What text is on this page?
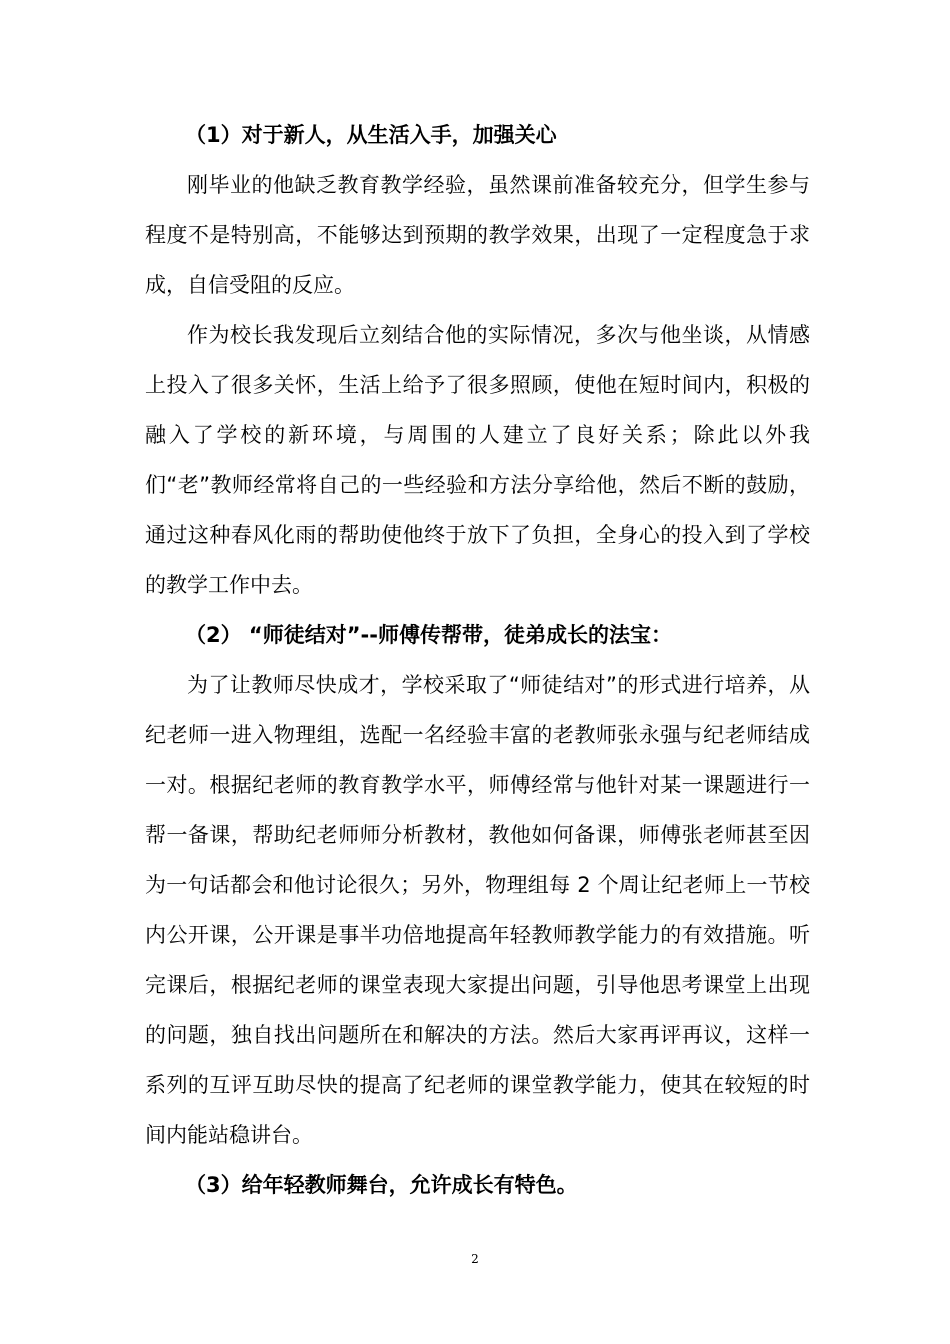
（1）对于新人，从生活入手，加强关心

刚毕业的他缺乏教育教学经验，虽然课前准备较充分，但学生参与程度不是特别高，不能够达到预期的教学效果，出现了一定程度急于求成，自信受阻的反应。

作为校长我发现后立刻结合他的实际情况，多次与他坐谈，从情感上投入了很多关怀，生活上给予了很多照顾，使他在短时间内，积极的融入了学校的新环境，与周围的人建立了良好关系；除此以外我们“老”教师经常将自己的一些经验和方法分享给他，然后不断的鼓励，通过这种春风化雨的帮助使他终于放下了负担，全身心的投入到了学校的教学工作中去。

（2） “师徒结对”--师傅传帮带，徒弟成长的法宝：

为了让教师尽快成才，学校采取了“师徒结对”的形式进行培养，从纪老师一进入物理组，选配一名经验丰富的老教师张永强与纪老师结成一对。根据纪老师的教育教学水平，师傅经常与他针对某一课题进行一帮一备课，帮助纪老师师分析教材，教他如何备课，师傅张老师甚至因为一句话都会和他讨论很久；另外，物理组每 2 个周让纪老师上一节校内公开课，公开课是事半功倍地提高年轻教师教学能力的有效措施。听完课后，根据纪老师的课堂表现大家提出问题，引导他思考课堂上出现的问题，独自找出问题所在和解决的方法。然后大家再评再议，这样一系列的互评互助尽快的提高了纪老师的课堂教学能力，使其在较短的时间内能站稳讲台。

（3）给年轻教师舞台，允许成长有特色。
2
